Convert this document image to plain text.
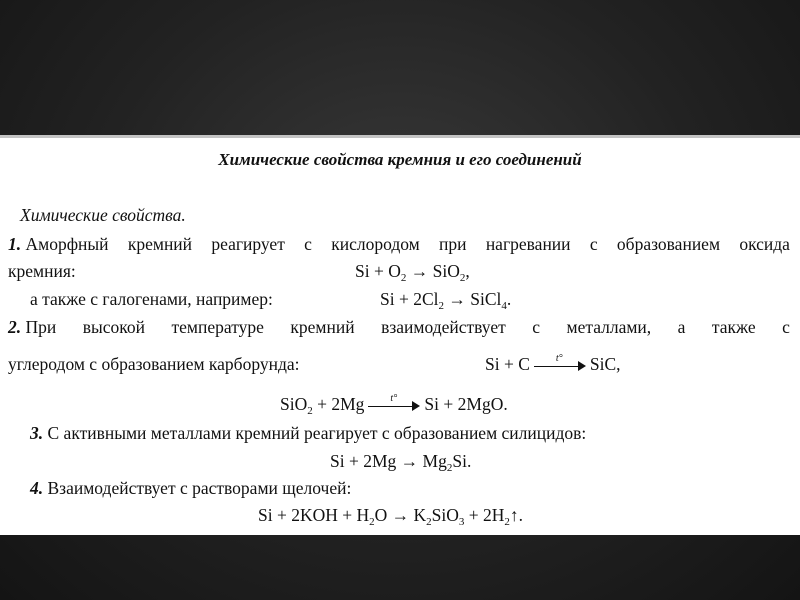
Химические свойства кремния и его соединений
Химические свойства.
1. Аморфный кремний реагирует с кислородом при нагревании с образованием оксида
кремния:	$Si + O_2 \to SiO_2$,
а также с галогенами, например:	$Si + 2Cl_2$ → SiCl$_4$.
2. При высокой температуре кремний взаимодействует с металлами, а также с
углеродом с образованием карборунда:	Si + C	t° SiC,
SiO$_2$ + 2Mg	t° Si + 2MgO.
3. С активными металлами кремний реагирует с образованием силицидов:
$Si + 2Mg \to Mg_2Si$.
4. Взаимодействует с растворами щелочей:
$Si + 2KOH + H_2O \to K_2SiO_3$ + $2H_2↑$.
